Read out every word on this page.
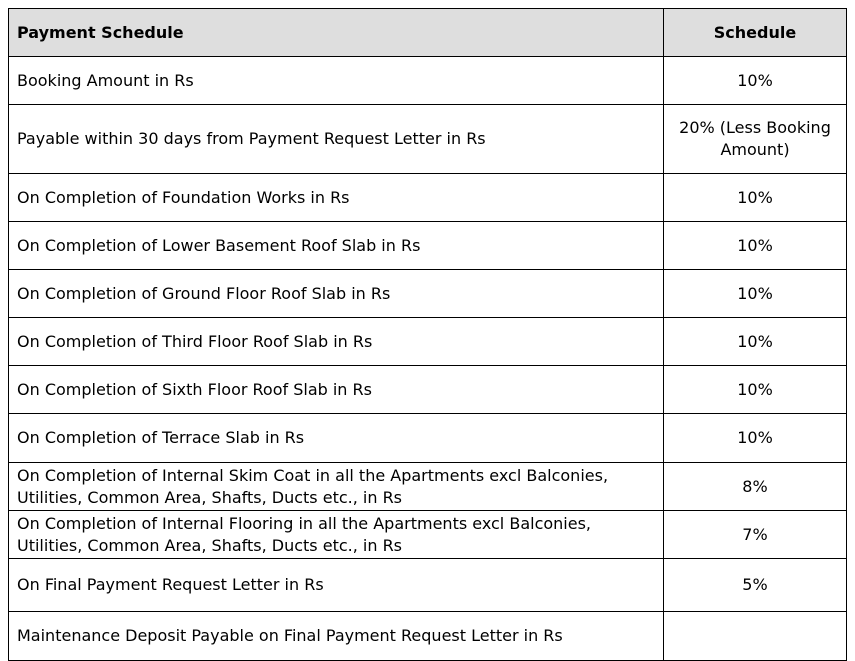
Payment Schedule	Schedule
Booking Amount in Rs	10%
Payable within 30 days from Payment Request Letter in Rs	20% (Less Booking Amount)
On Completion of Foundation Works in Rs	10%
On Completion of Lower Basement Roof Slab in Rs	10%
On Completion of Ground Floor Roof Slab in Rs	10%
On Completion of Third Floor Roof Slab in Rs	10%
On Completion of Sixth Floor Roof Slab in Rs	10%
On Completion of Terrace Slab in Rs	10%
On Completion of Internal Skim Coat in all the Apartments excl Balconies, Utilities, Common Area, Shafts, Ducts etc., in Rs	8%
On Completion of Internal Flooring in all the Apartments excl Balconies, Utilities, Common Area, Shafts, Ducts etc., in Rs	7%
On Final Payment Request Letter in Rs	5%
Maintenance Deposit Payable on Final Payment Request Letter in Rs	
